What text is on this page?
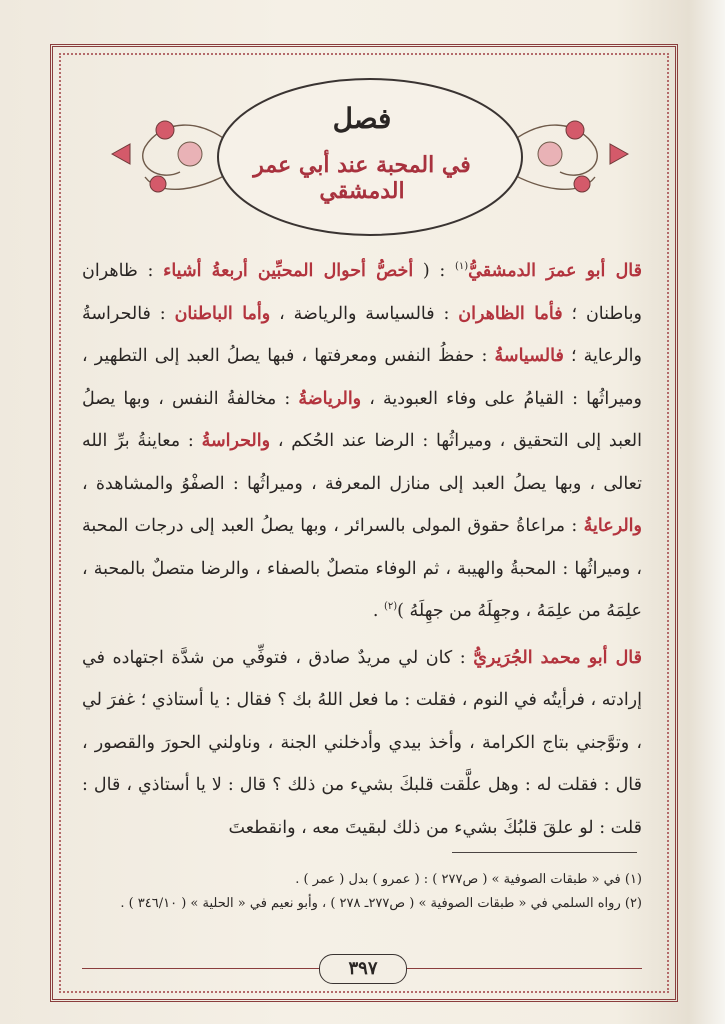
فصل
في المحبة عند أبي عمر الدمشقي

قال أبو عمرَ الدمشقيُّ$^{(١)}$ : ( أخصُّ أحوال المحبِّين أربعةُ أشياء : ظاهران وباطنان ؛ فأما الظاهران : فالسياسة والرياضة ، وأما الباطنان : فالحراسةُ والرعاية ؛ فالسياسةُ : حفظُ النفس ومعرفتها ، فبها يصلُ العبد إلى التطهير ، وميراثُها : القيامُ على وفاء العبودية ، والرياضةُ : مخالفةُ النفس ، وبها يصلُ العبد إلى التحقيق ، وميراثُها : الرضا عند الحُكم ، والحراسةُ : معاينةُ برِّ الله تعالى ، وبها يصلُ العبد إلى منازل المعرفة ، وميراثُها : الصفْوُ والمشاهدة ، والرعايةُ : مراعاةُ حقوق المولى بالسرائر ، وبها يصلُ العبد إلى درجات المحبة ، وميراثُها : المحبةُ والهيبة ، ثم الوفاء متصلٌ بالصفاء ، والرضا متصلٌ بالمحبة ، علِمَهُ من علِمَهُ ، وجهِلَهُ من جهِلَهُ )$^{(٢)}$ .

قال أبو محمد الجُرَيريُّ : كان لي مريدٌ صادق ، فتوفِّي من شدَّة اجتهاده في إرادته ، فرأيتُه في النوم ، فقلت : ما فعل اللهُ بك ؟ فقال : يا أستاذي ؛ غفرَ لي ، وتوَّجني بتاج الكرامة ، وأخذ بيدي وأدخلني الجنة ، وناولني الحورَ والقصور ، قال : فقلت له : وهل علَّقت قلبكَ بشيء من ذلك ؟ قال : لا يا أستاذي ، قال : قلت : لو علقَ قلبُكَ بشيء من ذلك لبقيتَ معه ، وانقطعتَ

(١) في « طبقات الصوفية » ( ص٢٧٧ ) : ( عمرو ) بدل ( عمر ) .

(٢) رواه السلمي في « طبقات الصوفية » ( ص٢٧٧ـ ٢٧٨ ) ، وأبو نعيم في « الحلية » ( ٣٤٦/١٠ ) .

٣٩٧
